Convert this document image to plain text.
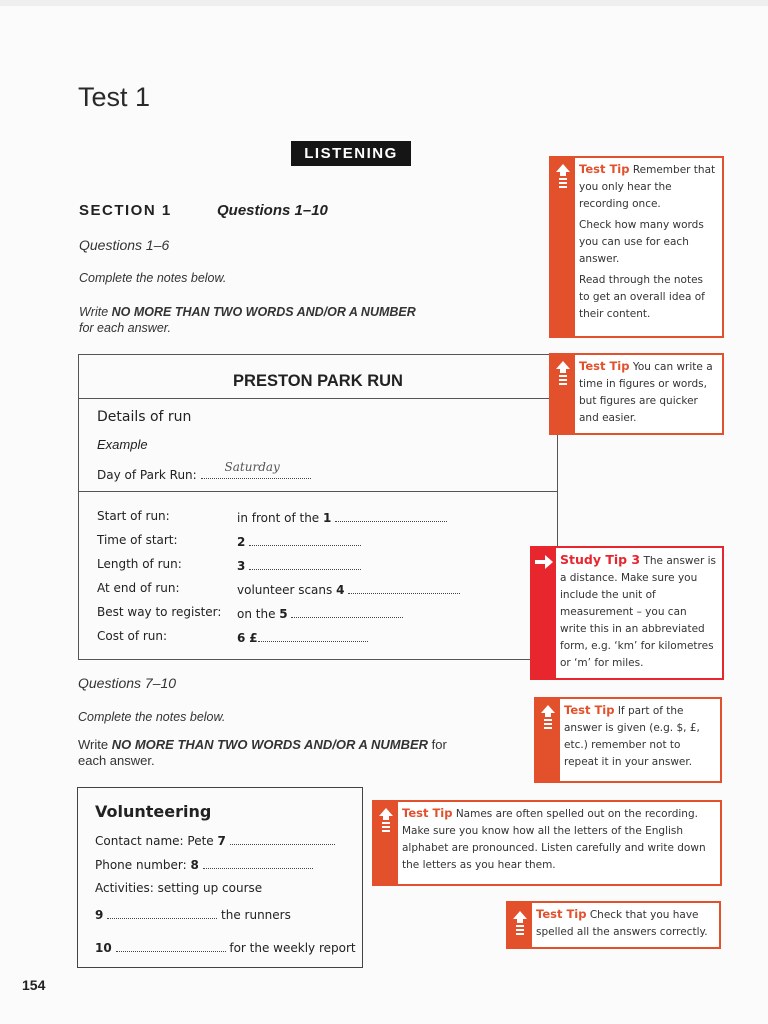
Test 1
LISTENING
SECTION 1	Questions 1–10
Questions 1–6
Complete the notes below.
Write NO MORE THAN TWO WORDS AND/OR A NUMBER
for each answer.
PRESTON PARK RUN
Details of run
Example
Day of Park Run:
Saturday
Start of run:	in front of the 1
Time of start:	2
Length of run:	3
At end of run:	volunteer scans 4
Best way to register: on the 5
Cost of run:	6 £
Questions 7–10
Complete the notes below.
Write NO MORE THAN TWO WORDS AND/OR A NUMBER for
each answer.
Volunteering
Contact name: Pete 7
Phone number: 8
Activities: setting up course
9	the runners
10	for the weekly report

Test Tip Remember that you only hear the recording once.

Check how many words you can use for each answer.

Read through the notes to get an overall idea of their content.

Test Tip You can write a time in figures or words, but figures are quicker and easier.
Study Tip 3 The answer is a distance. Make sure you include the unit of measurement – you can write this in an abbreviated form, e.g. ‘km’ for kilometres or ‘m’ for miles.
Test Tip If part of the answer is given (e.g. $, £, etc.) remember not to repeat it in your answer.
Test Tip Names are often spelled out on the recording. Make sure you know how all the letters of the English alphabet are pronounced. Listen carefully and write down the letters as you hear them.
Test Tip Check that you have spelled all the answers correctly.
154
